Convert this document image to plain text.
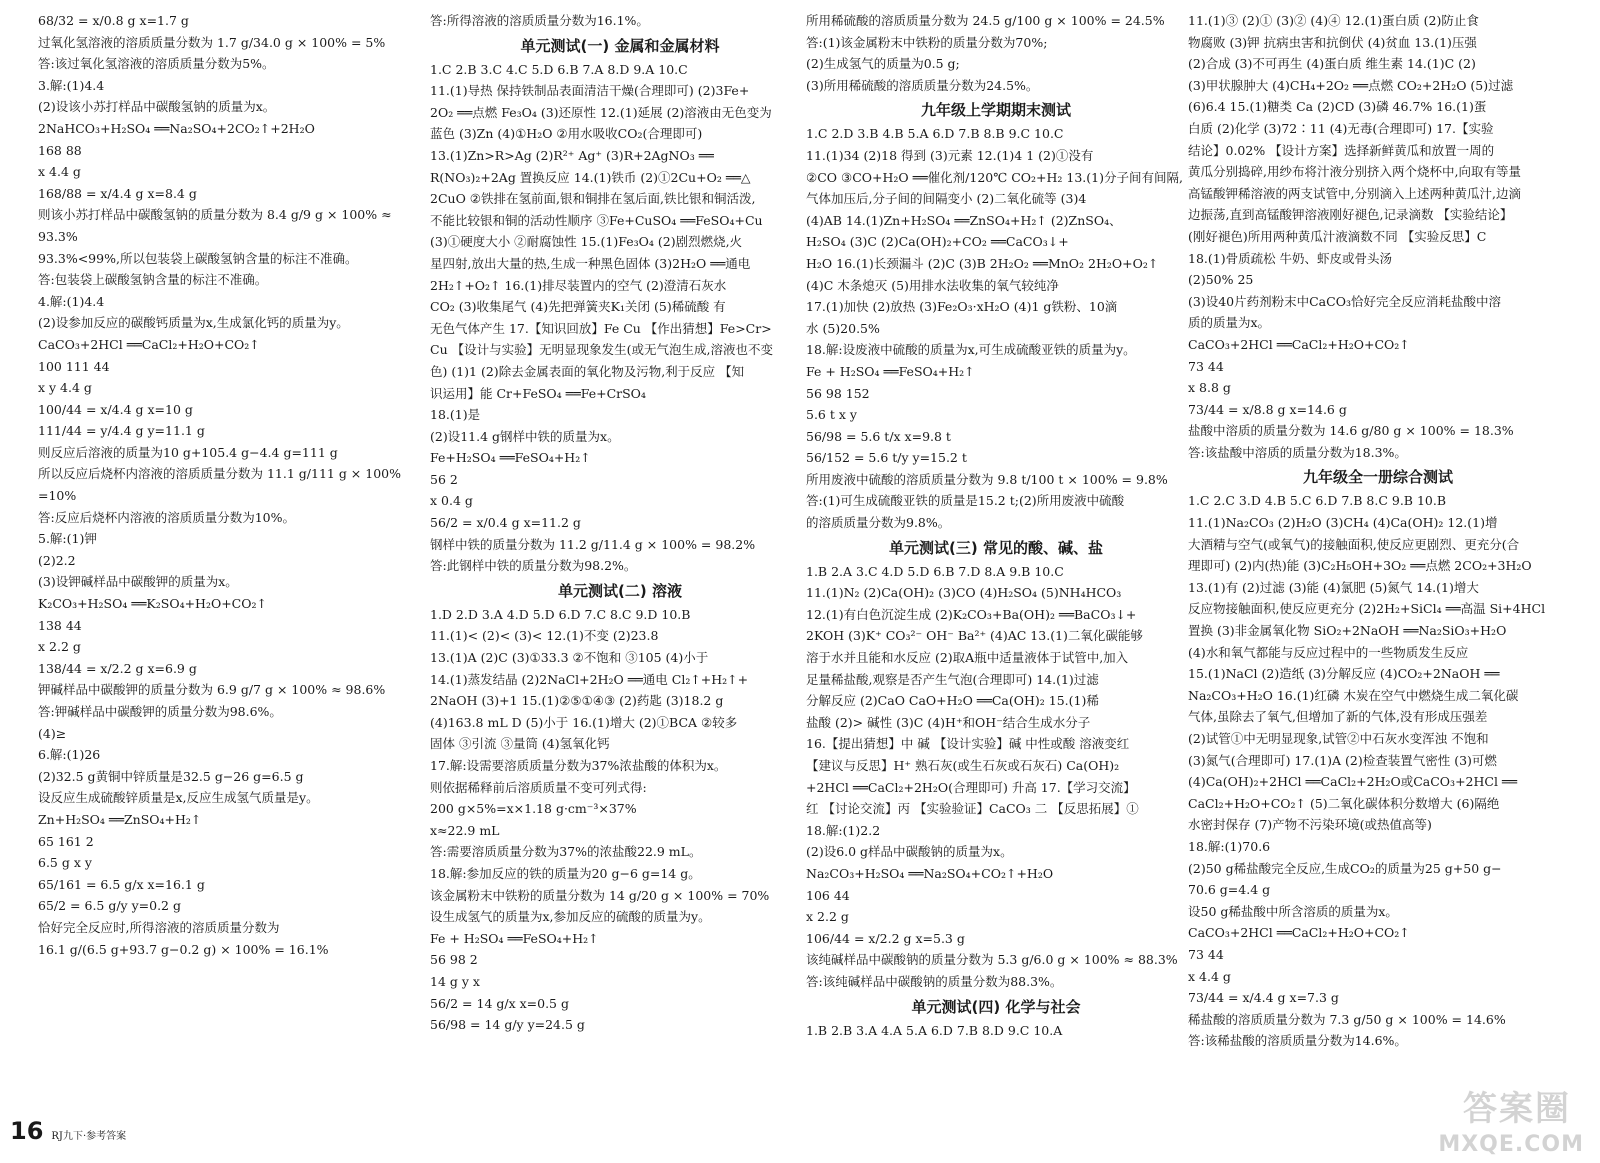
68/32 = x/0.8 g x=1.7 g
过氧化氢溶液的溶质质量分数为 1.7 g/34.0 g × 100% = 5%
答:该过氧化氢溶液的溶质质量分数为5%。
3.解:(1)4.4
(2)设该小苏打样品中碳酸氢钠的质量为x。
2NaHCO₃+H₂SO₄ ══Na₂SO₄+2CO₂↑+2H₂O
168 88
x 4.4 g
168/88 = x/4.4 g x=8.4 g
则该小苏打样品中碳酸氢钠的质量分数为 8.4 g/9 g × 100% ≈
93.3%
93.3%<99%,所以包装袋上碳酸氢钠含量的标注不准确。
答:包装袋上碳酸氢钠含量的标注不准确。
4.解:(1)4.4
(2)设参加反应的碳酸钙质量为x,生成氯化钙的质量为y。
CaCO₃+2HCl ══CaCl₂+H₂O+CO₂↑
100 111 44
x y 4.4 g
100/44 = x/4.4 g x=10 g
111/44 = y/4.4 g y=11.1 g
则反应后溶液的质量为10 g+105.4 g−4.4 g=111 g
所以反应后烧杯内溶液的溶质质量分数为 11.1 g/111 g × 100%
=10%
答:反应后烧杯内溶液的溶质质量分数为10%。
5.解:(1)钾
(2)2.2
(3)设钾碱样品中碳酸钾的质量为x。
K₂CO₃+H₂SO₄ ══K₂SO₄+H₂O+CO₂↑
138 44
x 2.2 g
138/44 = x/2.2 g x=6.9 g
钾碱样品中碳酸钾的质量分数为 6.9 g/7 g × 100% ≈ 98.6%
答:钾碱样品中碳酸钾的质量分数为98.6%。
(4)≥
6.解:(1)26
(2)32.5 g黄铜中锌质量是32.5 g−26 g=6.5 g
设反应生成硫酸锌质量是x,反应生成氢气质量是y。
Zn+H₂SO₄ ══ZnSO₄+H₂↑
65 161 2
6.5 g x y
65/161 = 6.5 g/x x=16.1 g
65/2 = 6.5 g/y y=0.2 g
恰好完全反应时,所得溶液的溶质质量分数为
16.1 g/(6.5 g+93.7 g−0.2 g) × 100% = 16.1%
答:所得溶液的溶质质量分数为16.1%。
单元测试(一) 金属和金属材料
1.C 2.B 3.C 4.C 5.D 6.B 7.A 8.D 9.A 10.C
11.(1)导热 保持铁制品表面清洁干燥(合理即可) (2)3Fe+
2O₂ ══点燃 Fe₃O₄ (3)还原性 12.(1)延展 (2)溶液由无色变为
蓝色 (3)Zn (4)①H₂O ②用水吸收CO₂(合理即可)
13.(1)Zn>R>Ag (2)R²⁺ Ag⁺ (3)R+2AgNO₃ ══
R(NO₃)₂+2Ag 置换反应 14.(1)铁币 (2)①2Cu+O₂ ══△
2CuO ②铁排在氢前面,银和铜排在氢后面,铁比银和铜活泼,
不能比较银和铜的活动性顺序 ③Fe+CuSO₄ ══FeSO₄+Cu
(3)①硬度大小 ②耐腐蚀性 15.(1)Fe₃O₄ (2)剧烈燃烧,火
星四射,放出大量的热,生成一种黑色固体 (3)2H₂O ══通电
2H₂↑+O₂↑ 16.(1)排尽装置内的空气 (2)澄清石灰水
CO₂ (3)收集尾气 (4)先把弹簧夹K₁关闭 (5)稀硫酸 有
无色气体产生 17.【知识回放】Fe Cu 【作出猜想】Fe>Cr>
Cu 【设计与实验】无明显现象发生(或无气泡生成,溶液也不变
色) (1)1 (2)除去金属表面的氧化物及污物,利于反应 【知
识运用】能 Cr+FeSO₄ ══Fe+CrSO₄
18.(1)是
(2)设11.4 g钢样中铁的质量为x。
Fe+H₂SO₄ ══FeSO₄+H₂↑
56 2
x 0.4 g
56/2 = x/0.4 g x=11.2 g
钢样中铁的质量分数为 11.2 g/11.4 g × 100% = 98.2%
答:此钢样中铁的质量分数为98.2%。
单元测试(二) 溶液
1.D 2.D 3.A 4.D 5.D 6.D 7.C 8.C 9.D 10.B
11.(1)< (2)< (3)< 12.(1)不变 (2)23.8
13.(1)A (2)C (3)①33.3 ②不饱和 ③105 (4)小于
14.(1)蒸发结晶 (2)2NaCl+2H₂O ══通电 Cl₂↑+H₂↑+
2NaOH (3)+1 15.(1)②⑤①④③ (2)药匙 (3)18.2 g
(4)163.8 mL D (5)小于 16.(1)增大 (2)①BCA ②较多
固体 ③引流 ③量筒 (4)氢氧化钙
17.解:设需要溶质质量分数为37%浓盐酸的体积为x。
则依据稀释前后溶质质量不变可列式得:
200 g×5%=x×1.18 g·cm⁻³×37%
x≈22.9 mL
答:需要溶质质量分数为37%的浓盐酸22.9 mL。
18.解:参加反应的铁的质量为20 g−6 g=14 g。
该金属粉末中铁粉的质量分数为 14 g/20 g × 100% = 70%
设生成氢气的质量为x,参加反应的硫酸的质量为y。
Fe + H₂SO₄ ══FeSO₄+H₂↑
56 98 2
14 g y x
56/2 = 14 g/x x=0.5 g
56/98 = 14 g/y y=24.5 g
所用稀硫酸的溶质质量分数为 24.5 g/100 g × 100% = 24.5%
答:(1)该金属粉末中铁粉的质量分数为70%;
(2)生成氢气的质量为0.5 g;
(3)所用稀硫酸的溶质质量分数为24.5%。
九年级上学期期末测试
1.C 2.D 3.B 4.B 5.A 6.D 7.B 8.B 9.C 10.C
11.(1)34 (2)18 得到 (3)元素 12.(1)4 1 (2)①没有
②CO ③CO+H₂O ══催化剂/120℃ CO₂+H₂ 13.(1)分子间有间隔,
气体加压后,分子间的间隔变小 (2)二氧化硫等 (3)4
(4)AB 14.(1)Zn+H₂SO₄ ══ZnSO₄+H₂↑ (2)ZnSO₄、
H₂SO₄ (3)C (2)Ca(OH)₂+CO₂ ══CaCO₃↓+
H₂O 16.(1)长颈漏斗 (2)C (3)B 2H₂O₂ ══MnO₂ 2H₂O+O₂↑
(4)C 木条熄灭 (5)用排水法收集的氧气较纯净
17.(1)加快 (2)放热 (3)Fe₂O₃·xH₂O (4)1 g铁粉、10滴
水 (5)20.5%
18.解:设废液中硫酸的质量为x,可生成硫酸亚铁的质量为y。
Fe + H₂SO₄ ══FeSO₄+H₂↑
56 98 152
5.6 t x y
56/98 = 5.6 t/x x=9.8 t
56/152 = 5.6 t/y y=15.2 t
所用废液中硫酸的溶质质量分数为 9.8 t/100 t × 100% = 9.8%
答:(1)可生成硫酸亚铁的质量是15.2 t;(2)所用废液中硫酸
的溶质质量分数为9.8%。
单元测试(三) 常见的酸、碱、盐
1.B 2.A 3.C 4.D 5.D 6.B 7.D 8.A 9.B 10.C
11.(1)N₂ (2)Ca(OH)₂ (3)CO (4)H₂SO₄ (5)NH₄HCO₃
12.(1)有白色沉淀生成 (2)K₂CO₃+Ba(OH)₂ ══BaCO₃↓+
2KOH (3)K⁺ CO₃²⁻ OH⁻ Ba²⁺ (4)AC 13.(1)二氧化碳能够
溶于水并且能和水反应 (2)取A瓶中适量液体于试管中,加入
足量稀盐酸,观察是否产生气泡(合理即可) 14.(1)过滤
分解反应 (2)CaO CaO+H₂O ══Ca(OH)₂ 15.(1)稀
盐酸 (2)> 碱性 (3)C (4)H⁺和OH⁻结合生成水分子
16.【提出猜想】中 碱 【设计实验】碱 中性或酸 溶液变红
【建议与反思】H⁺ 熟石灰(或生石灰或石灰石) Ca(OH)₂
+2HCl ══CaCl₂+2H₂O(合理即可) 升高 17.【学习交流】
红 【讨论交流】丙 【实验验证】CaCO₃ 二 【反思拓展】①
18.解:(1)2.2
(2)设6.0 g样品中碳酸钠的质量为x。
Na₂CO₃+H₂SO₄ ══Na₂SO₄+CO₂↑+H₂O
106 44
x 2.2 g
106/44 = x/2.2 g x=5.3 g
该纯碱样品中碳酸钠的质量分数为 5.3 g/6.0 g × 100% ≈ 88.3%
答:该纯碱样品中碳酸钠的质量分数为88.3%。
单元测试(四) 化学与社会
1.B 2.B 3.A 4.A 5.A 6.D 7.B 8.D 9.C 10.A
11.(1)③ (2)① (3)② (4)④ 12.(1)蛋白质 (2)防止食
物腐败 (3)钾 抗病虫害和抗倒伏 (4)贫血 13.(1)压强
(2)合成 (3)不可再生 (4)蛋白质 维生素 14.(1)C (2)
(3)甲状腺肿大 (4)CH₄+2O₂ ══点燃 CO₂+2H₂O (5)过滤
(6)6.4 15.(1)糖类 Ca (2)CD (3)磷 46.7% 16.(1)蛋
白质 (2)化学 (3)72∶11 (4)无毒(合理即可) 17.【实验
结论】0.02% 【设计方案】选择新鲜黄瓜和放置一周的
黄瓜分别捣碎,用纱布将汁液分别挤入两个烧杯中,向取有等量
高锰酸钾稀溶液的两支试管中,分别滴入上述两种黄瓜汁,边滴
边振荡,直到高锰酸钾溶液刚好褪色,记录滴数 【实验结论】
(刚好褪色)所用两种黄瓜汁液滴数不同 【实验反思】C
18.(1)骨质疏松 牛奶、虾皮或骨头汤
(2)50% 25
(3)设40片药剂粉末中CaCO₃恰好完全反应消耗盐酸中溶
质的质量为x。
CaCO₃+2HCl ══CaCl₂+H₂O+CO₂↑
73 44
x 8.8 g
73/44 = x/8.8 g x=14.6 g
盐酸中溶质的质量分数为 14.6 g/80 g × 100% = 18.3%
答:该盐酸中溶质的质量分数为18.3%。
九年级全一册综合测试
1.C 2.C 3.D 4.B 5.C 6.D 7.B 8.C 9.B 10.B
11.(1)Na₂CO₃ (2)H₂O (3)CH₄ (4)Ca(OH)₂ 12.(1)增
大酒精与空气(或氧气)的接触面积,使反应更剧烈、更充分(合
理即可) (2)内(热)能 (3)C₂H₅OH+3O₂ ══点燃 2CO₂+3H₂O
13.(1)有 (2)过滤 (3)能 (4)氯肥 (5)氮气 14.(1)增大
反应物接触面积,使反应更充分 (2)2H₂+SiCl₄ ══高温 Si+4HCl
置换 (3)非金属氧化物 SiO₂+2NaOH ══Na₂SiO₃+H₂O
(4)水和氧气都能与反应过程中的一些物质发生反应
15.(1)NaCl (2)造纸 (3)分解反应 (4)CO₂+2NaOH ══
Na₂CO₃+H₂O 16.(1)红磷 木炭在空气中燃烧生成二氧化碳
气体,虽除去了氧气,但增加了新的气体,没有形成压强差
(2)试管①中无明显现象,试管②中石灰水变浑浊 不饱和
(3)氮气(合理即可) 17.(1)A (2)检查装置气密性 (3)可燃
(4)Ca(OH)₂+2HCl ══CaCl₂+2H₂O或CaCO₃+2HCl ══
CaCl₂+H₂O+CO₂↑ (5)二氧化碳体积分数增大 (6)隔绝
水密封保存 (7)产物不污染环境(或热值高等)
18.解:(1)70.6
(2)50 g稀盐酸完全反应,生成CO₂的质量为25 g+50 g−
70.6 g=4.4 g
设50 g稀盐酸中所含溶质的质量为x。
CaCO₃+2HCl ══CaCl₂+H₂O+CO₂↑
73 44
x 4.4 g
73/44 = x/4.4 g x=7.3 g
稀盐酸的溶质质量分数为 7.3 g/50 g × 100% = 14.6%
答:该稀盐酸的溶质质量分数为14.6%。
16 RJ九下·参考答案
答案圈
MXQE.COM
